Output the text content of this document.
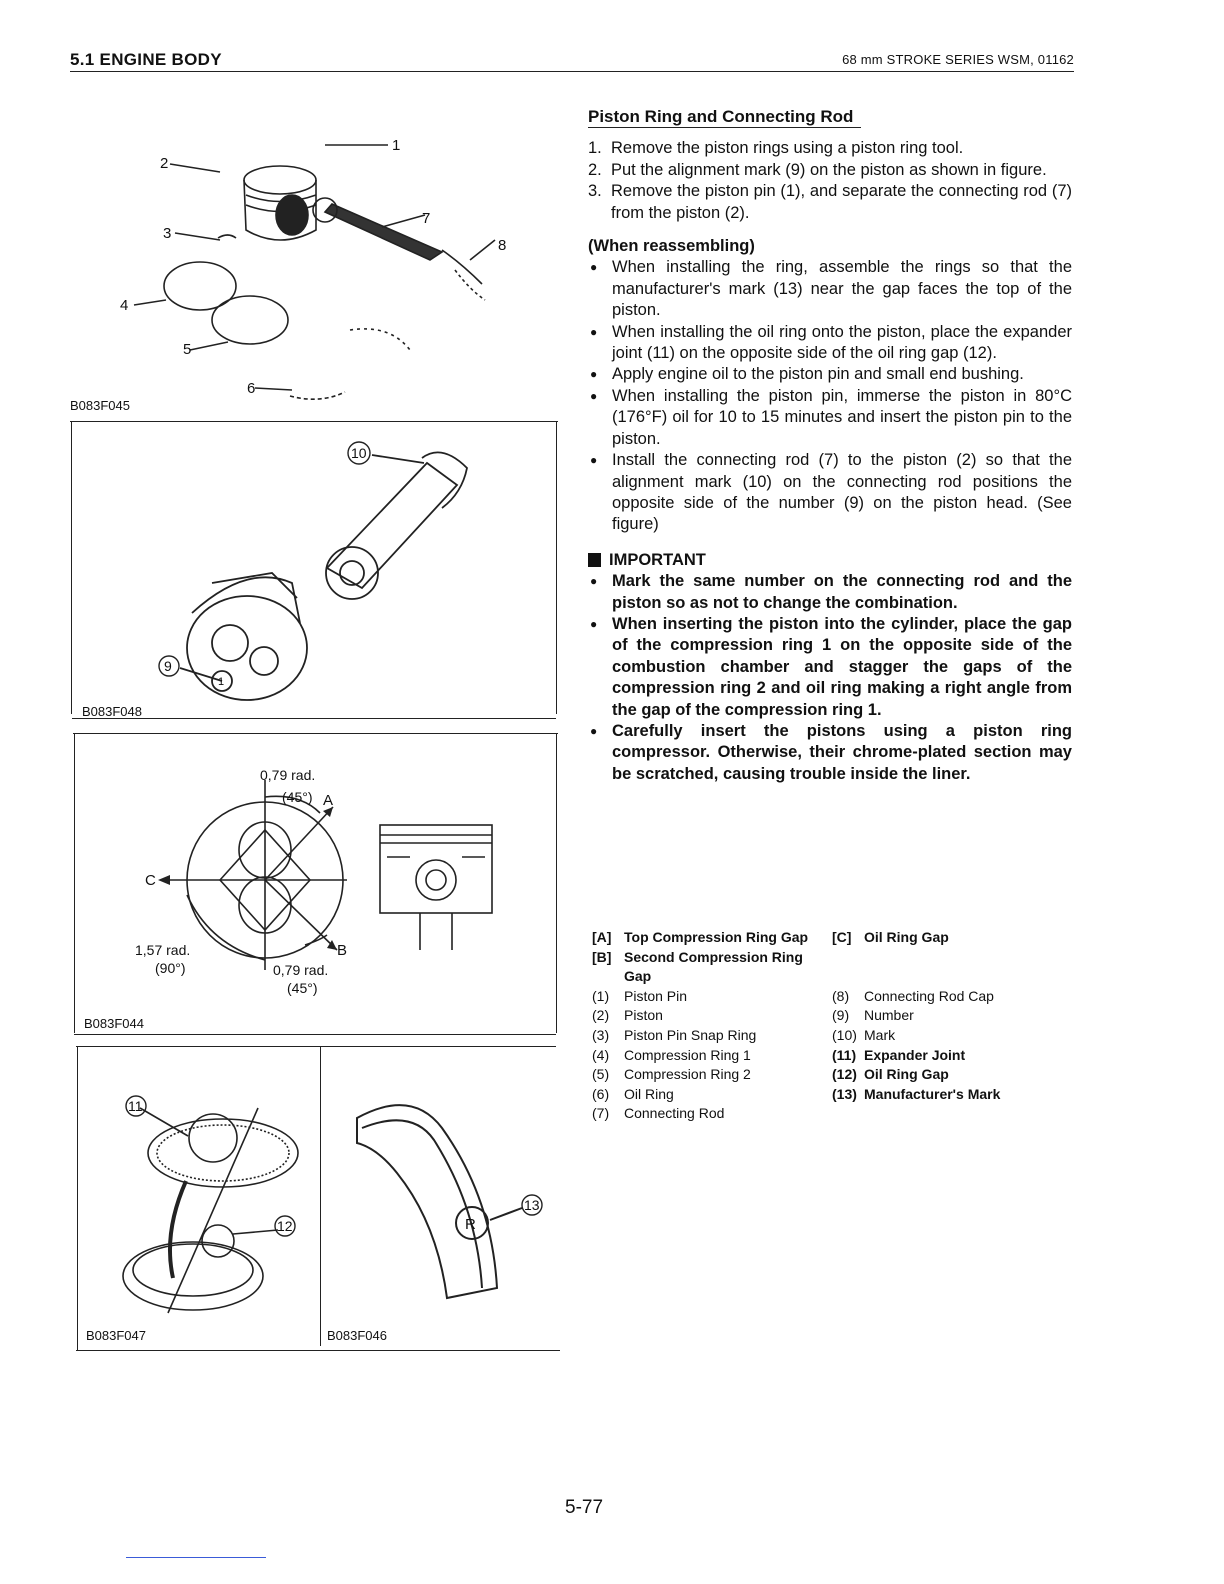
5.1 ENGINE BODY	68 mm STROKE SERIES WSM, 01162
1
2
3
4
5
6
7
8
B083F045
10
9
1
B083F048
0,79 rad.
(45°) A
C
1,57 rad.
(90°)
B
0,79 rad.
(45°)
B083F044
11
12
B083F047
R
13
B083F046
Piston Ring and Connecting Rod
1. Remove the piston rings using a piston ring tool.
2. Put the alignment mark (9) on the piston as shown in figure.
3. Remove the piston pin (1), and separate the connecting rod (7) from the piston (2).
(When reassembling)
● When installing the ring, assemble the rings so that the manufacturer's mark (13) near the gap faces the top of the piston.
● When installing the oil ring onto the piston, place the expander joint (11) on the opposite side of the oil ring gap (12).
● Apply engine oil to the piston pin and small end bushing.
● When installing the piston pin, immerse the piston in 80°C (176°F) oil for 10 to 15 minutes and insert the piston pin to the piston.
● Install the connecting rod (7) to the piston (2) so that the alignment mark (10) on the connecting rod positions the opposite side of the number (9) on the piston head. (See figure)
IMPORTANT
● Mark the same number on the connecting rod and the piston so as not to change the combination.
● When inserting the piston into the cylinder, place the gap of the compression ring 1 on the opposite side of the combustion chamber and stagger the gaps of the compression ring 2 and oil ring making a right angle from the gap of the compression ring 1.
● Carefully insert the pistons using a piston ring compressor. Otherwise, their chrome-plated section may be scratched, causing trouble inside the liner.
[A] Top Compression Ring Gap
[B] Second Compression Ring Gap
[C] Oil Ring Gap
(1)	Piston Pin
(2)	Piston
(3)	Piston Pin Snap Ring
(4)	Compression Ring 1
(5)	Compression Ring 2
(6)	Oil Ring
(7)	Connecting Rod
(8)	Connecting Rod Cap
(9)	Number
(10) Mark
(11) Expander Joint
(12) Oil Ring Gap
(13) Manufacturer's Mark
5-77
